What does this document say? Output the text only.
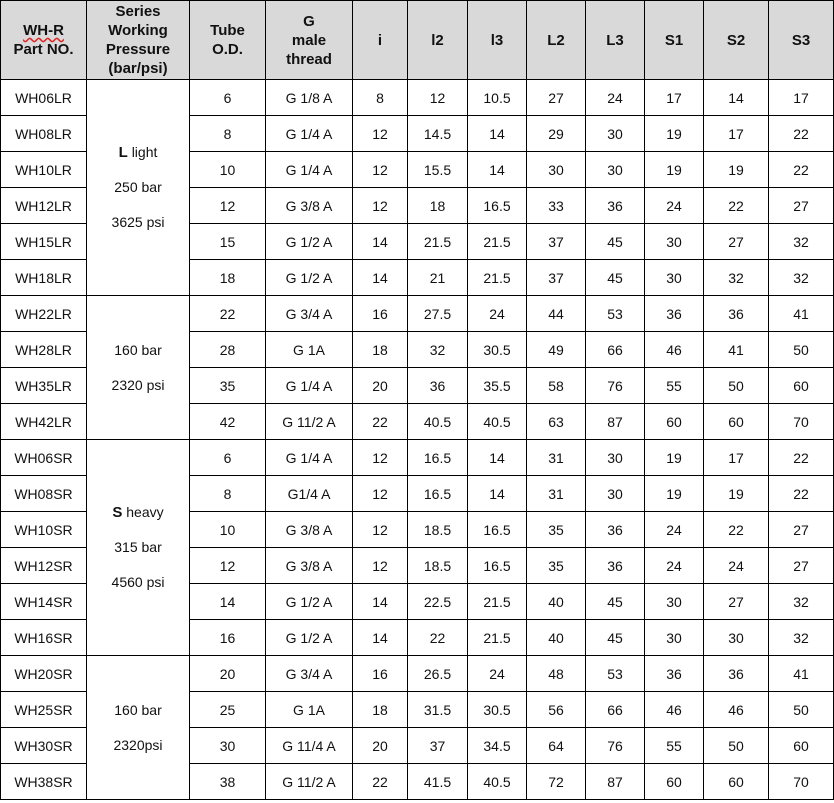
WH-R
Part NO.	Series
Working
Pressure
(bar/psi)	Tube
O.D.	G
male
thread	i	l2	l3	L2	L3	S1	S2	S3
WH06LR	L light
250 bar
3625 psi	6	G 1/8 A	8	12	10.5	27	24	17	14	17
WH08LR		8	G 1/4 A	12	14.5	14	29	30	19	17	22
WH10LR		10	G 1/4 A	12	15.5	14	30	30	19	19	22
WH12LR		12	G 3/8 A	12	18	16.5	33	36	24	22	27
WH15LR		15	G 1/2 A	14	21.5	21.5	37	45	30	27	32
WH18LR		18	G 1/2 A	14	21	21.5	37	45	30	32	32
WH22LR	160 bar
2320 psi	22	G 3/4 A	16	27.5	24	44	53	36	36	41
WH28LR		28	G 1A	18	32	30.5	49	66	46	41	50
WH35LR		35	G 1/4 A	20	36	35.5	58	76	55	50	60
WH42LR		42	G 11/2 A	22	40.5	40.5	63	87	60	60	70
WH06SR	S heavy
315 bar
4560 psi	6	G 1/4 A	12	16.5	14	31	30	19	17	22
WH08SR		8	G1/4 A	12	16.5	14	31	30	19	19	22
WH10SR		10	G 3/8 A	12	18.5	16.5	35	36	24	22	27
WH12SR		12	G 3/8 A	12	18.5	16.5	35	36	24	24	27
WH14SR		14	G 1/2 A	14	22.5	21.5	40	45	30	27	32
WH16SR		16	G 1/2 A	14	22	21.5	40	45	30	30	32
WH20SR	160 bar
2320psi	20	G 3/4 A	16	26.5	24	48	53	36	36	41
WH25SR		25	G 1A	18	31.5	30.5	56	66	46	46	50
WH30SR		30	G 11/4 A	20	37	34.5	64	76	55	50	60
WH38SR		38	G 11/2 A	22	41.5	40.5	72	87	60	60	70
